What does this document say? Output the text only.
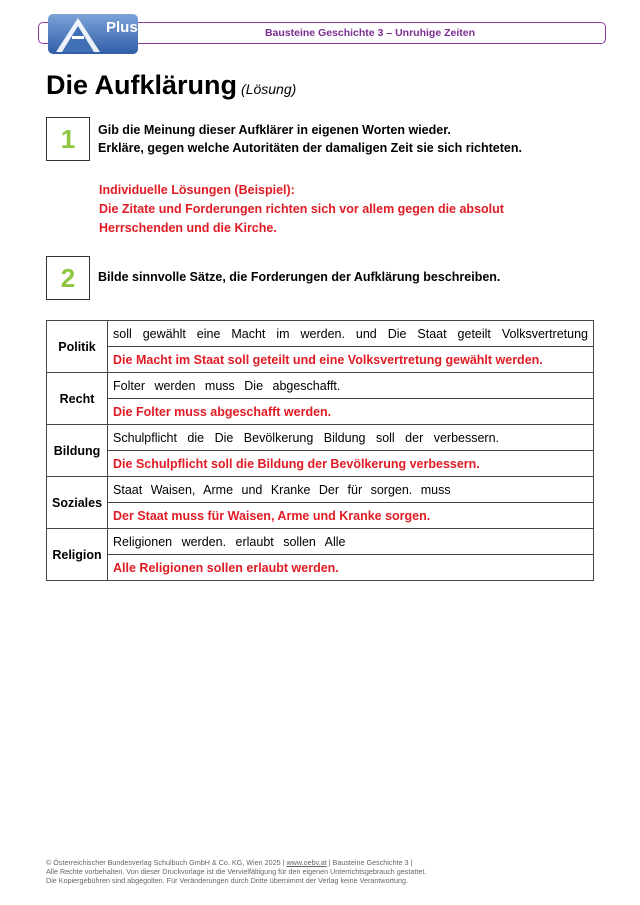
Bausteine Geschichte 3 – Unruhige Zeiten
Plus
Die Aufklärung (Lösung)
1 Gib die Meinung dieser Aufklärer in eigenen Worten wieder.
Erkläre, gegen welche Autoritäten der damaligen Zeit sie sich richteten.
Individuelle Lösungen (Beispiel):
Die Zitate und Forderungen richten sich vor allem gegen die absolut Herrschenden und die Kirche.
2 Bilde sinnvolle Sätze, die Forderungen der Aufklärung beschreiben.
Politik	soll gewählt eine Macht im werden. und Die Staat geteilt Volksvertretung
	Die Macht im Staat soll geteilt und eine Volksvertretung gewählt werden.
Recht	Folter werden muss Die abgeschafft.
	Die Folter muss abgeschafft werden.
Bildung	Schulpflicht die Die Bevölkerung Bildung soll der verbessern.
	Die Schulpflicht soll die Bildung der Bevölkerung verbessern.
Soziales	Staat Waisen, Arme und Kranke Der für sorgen. muss
	Der Staat muss für Waisen, Arme und Kranke sorgen.
Religion	Religionen werden. erlaubt sollen Alle
	Alle Religionen sollen erlaubt werden.
© Österreichischer Bundesverlag Schulbuch GmbH & Co. KG, Wien 2025 | www.oebv.at | Bausteine Geschichte 3 |
Alle Rechte vorbehalten. Von dieser Druckvorlage ist die Vervielfältigung für den eigenen Unterrichtsgebrauch gestattet.
Die Kopiergebühren sind abgegolten. Für Veränderungen durch Dritte übernimmt der Verlag keine Verantwortung.
